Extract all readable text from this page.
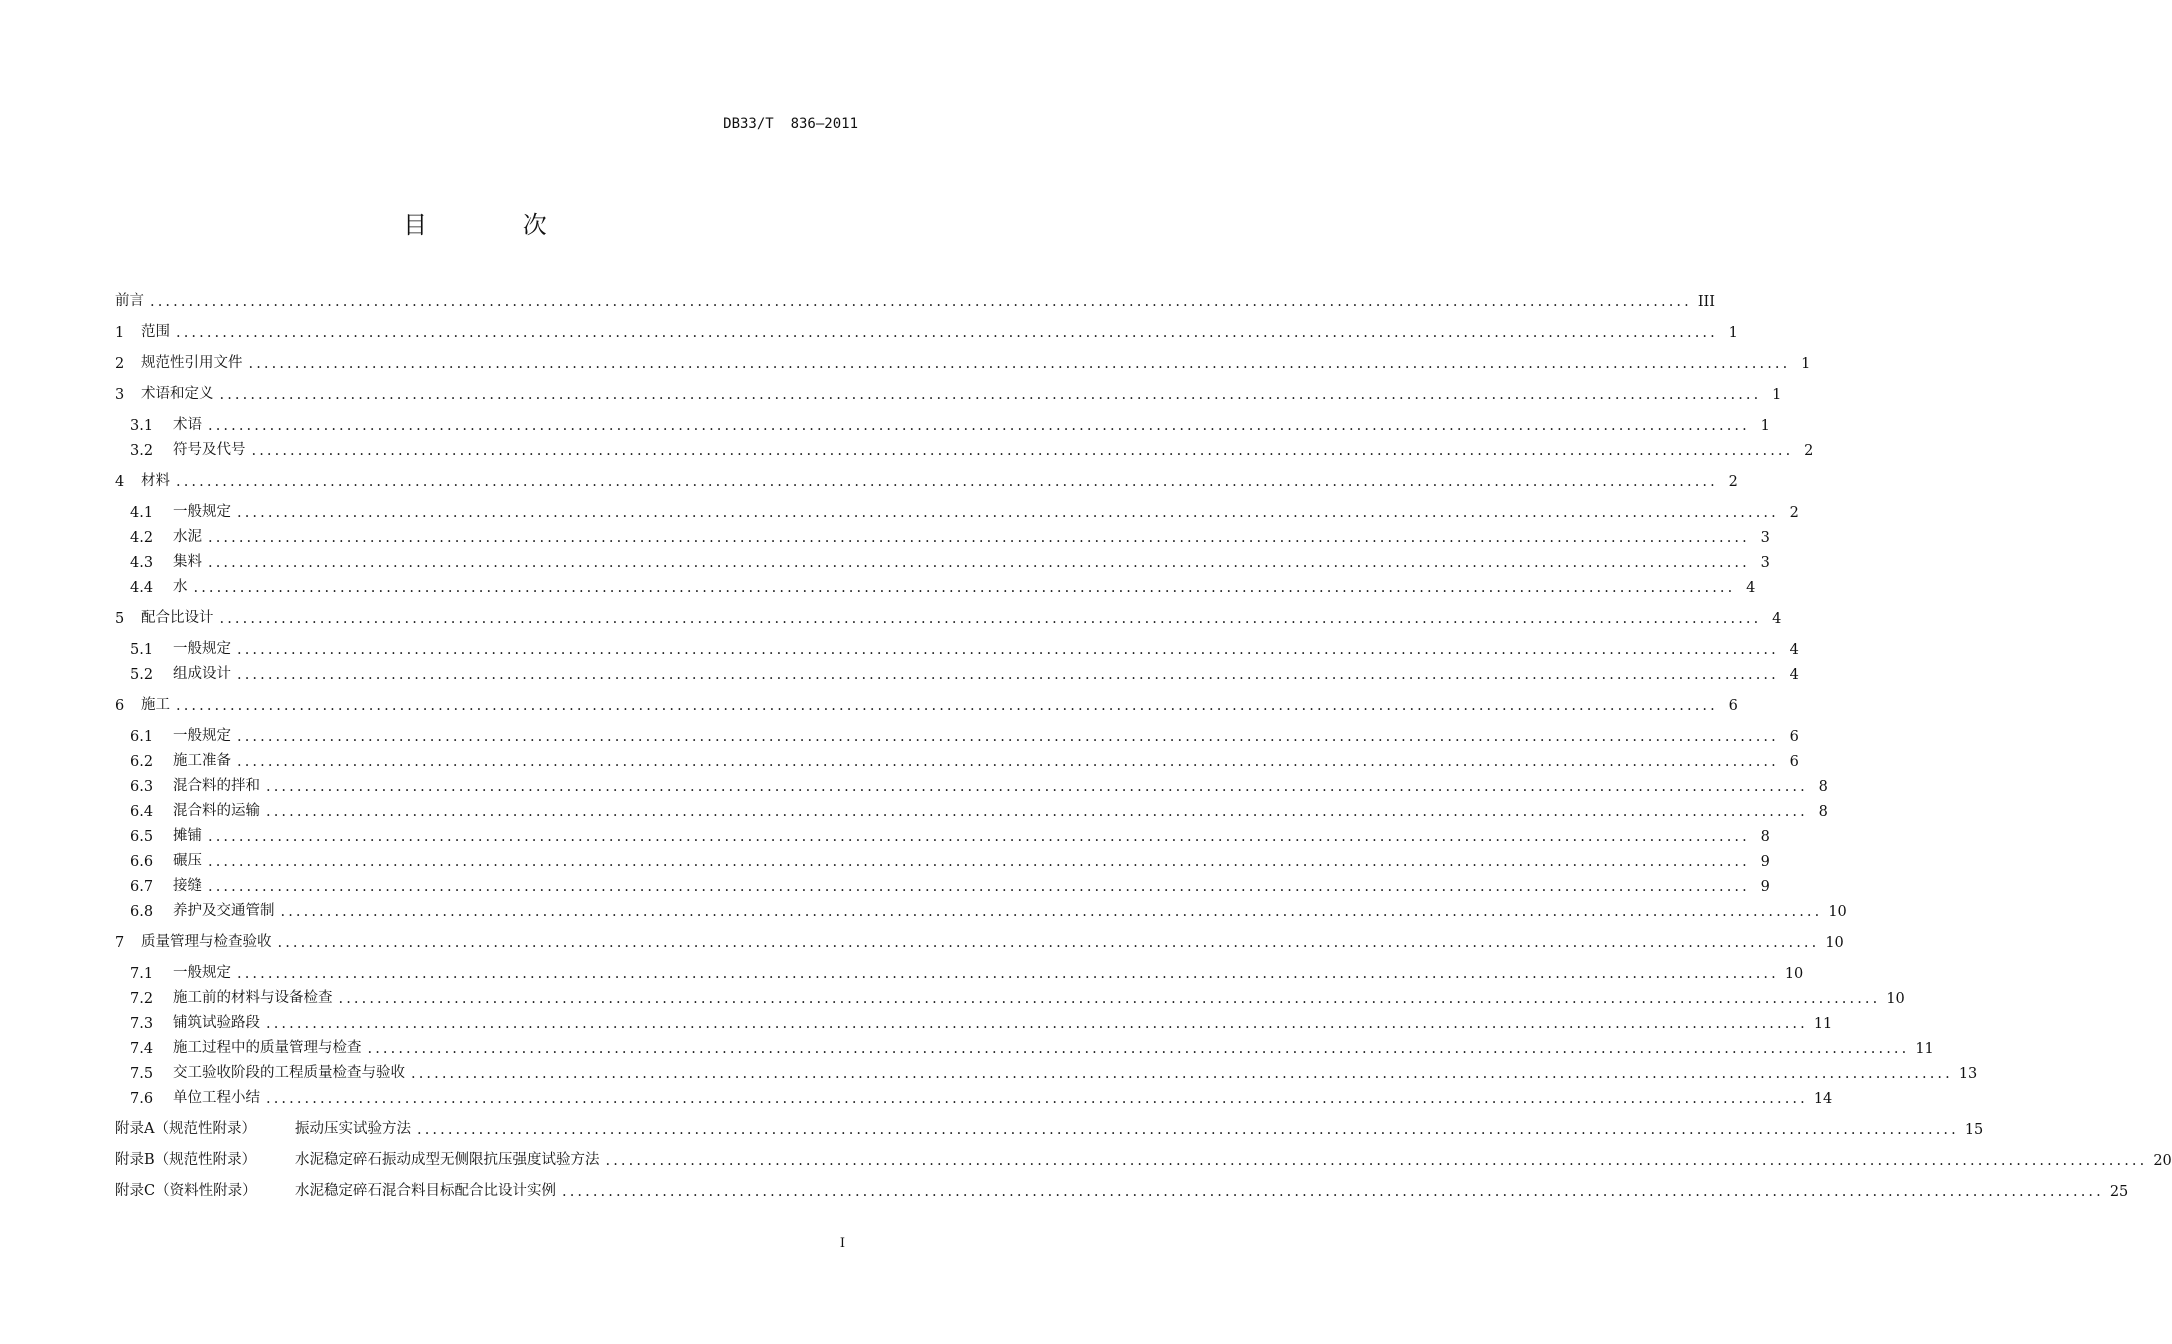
DB33/T  836—2011
目 次
前言 ........................................................................................................................................................................................................ III
1	范围 ........................................................................................................................................................................................................ 1
2	规范性引用文件 ........................................................................................................................................................................................................ 1
3	术语和定义 ........................................................................................................................................................................................................ 1
3.1	术语 ........................................................................................................................................................................................................ 1
3.2	符号及代号 ........................................................................................................................................................................................................ 2
4	材料 ........................................................................................................................................................................................................ 2
4.1	一般规定 ........................................................................................................................................................................................................ 2
4.2	水泥 ........................................................................................................................................................................................................ 3
4.3	集料 ........................................................................................................................................................................................................ 3
4.4	水 ........................................................................................................................................................................................................ 4
5	配合比设计 ........................................................................................................................................................................................................ 4
5.1	一般规定 ........................................................................................................................................................................................................ 4
5.2	组成设计 ........................................................................................................................................................................................................ 4
6	施工 ........................................................................................................................................................................................................ 6
6.1	一般规定 ........................................................................................................................................................................................................ 6
6.2	施工准备 ........................................................................................................................................................................................................ 6
6.3	混合料的拌和 ........................................................................................................................................................................................................ 8
6.4	混合料的运输 ........................................................................................................................................................................................................ 8
6.5	摊铺 ........................................................................................................................................................................................................ 8
6.6	碾压 ........................................................................................................................................................................................................ 9
6.7	接缝 ........................................................................................................................................................................................................ 9
6.8	养护及交通管制 ........................................................................................................................................................................................................ 10
7	质量管理与检查验收 ........................................................................................................................................................................................................ 10
7.1	一般规定 ........................................................................................................................................................................................................ 10
7.2	施工前的材料与设备检查 ........................................................................................................................................................................................................ 10
7.3	铺筑试验路段 ........................................................................................................................................................................................................ 11
7.4	施工过程中的质量管理与检查 ........................................................................................................................................................................................................ 11
7.5	交工验收阶段的工程质量检查与验收 ........................................................................................................................................................................................................ 13
7.6	单位工程小结 ........................................................................................................................................................................................................ 14
附录A（规范性附录）	振动压实试验方法 ........................................................................................................................................................................................................ 15
附录B（规范性附录）	水泥稳定碎石振动成型无侧限抗压强度试验方法 ........................................................................................................................................................................................................ 20
附录C（资料性附录）	水泥稳定碎石混合料目标配合比设计实例 ........................................................................................................................................................................................................ 25
I
